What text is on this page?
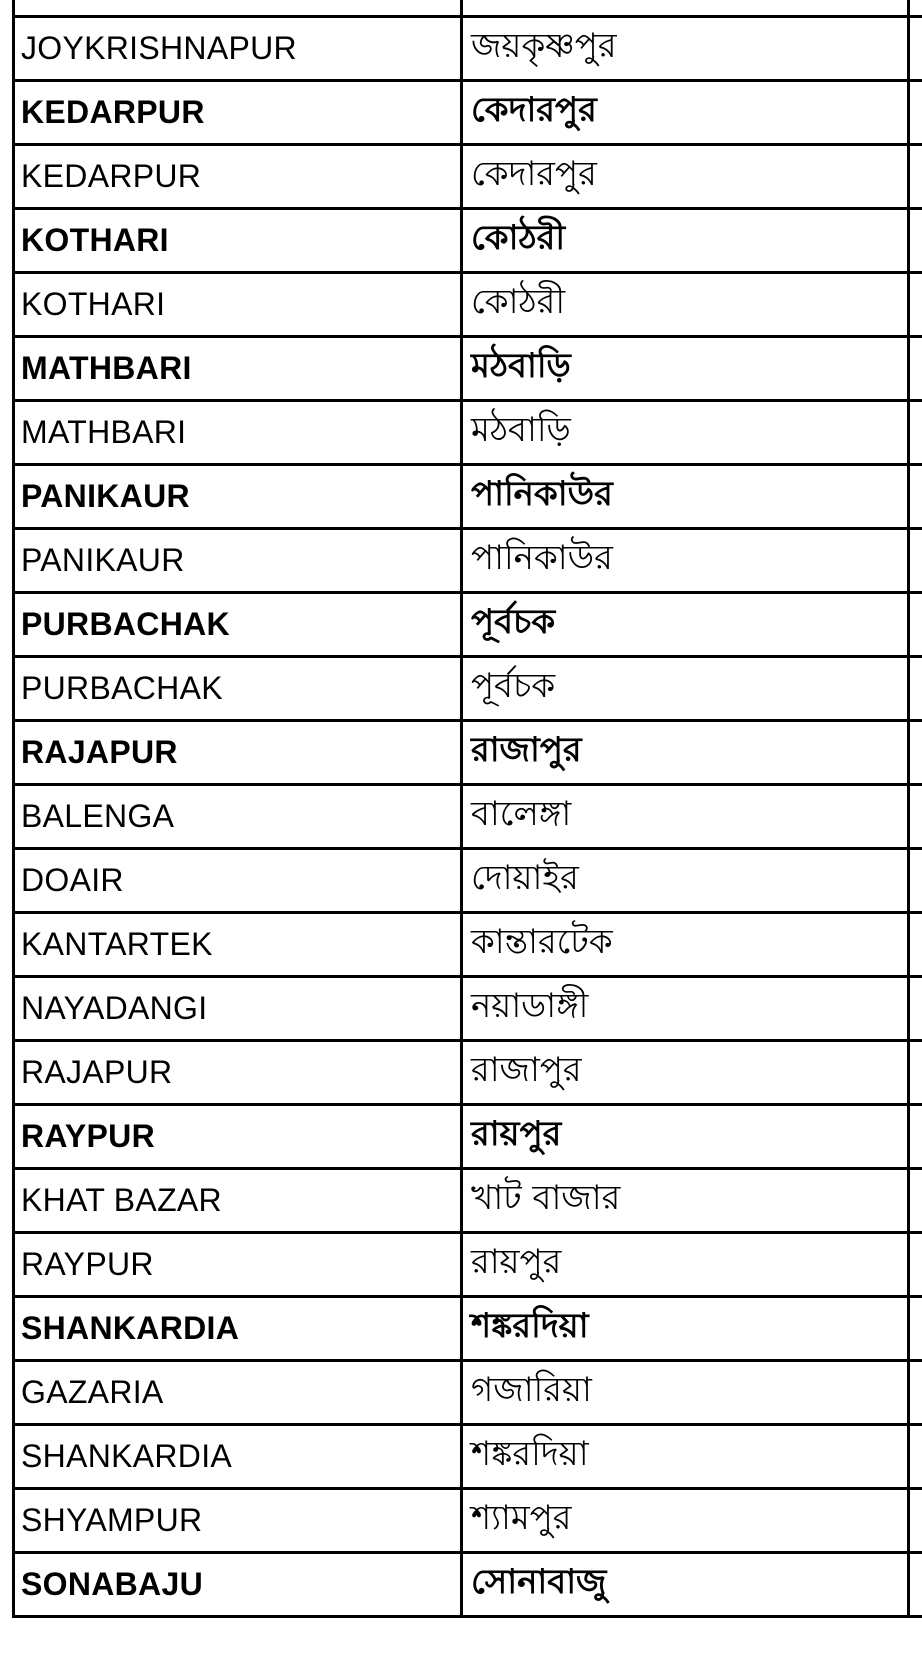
JOYKRISHNAPUR	জয়কৃষ্ণপুর	
KEDARPUR	কেদারপুর	
KEDARPUR	কেদারপুর	
KOTHARI	কোঠরী	
KOTHARI	কোঠরী	
MATHBARI	মঠবাড়ি	
MATHBARI	মঠবাড়ি	
PANIKAUR	পানিকাউর	
PANIKAUR	পানিকাউর	
PURBACHAK	পূর্বচক	
PURBACHAK	পূর্বচক	
RAJAPUR	রাজাপুর	
BALENGA	বালেঙ্গা	
DOAIR	দোয়াইর	
KANTARTEK	কান্তারটেক	
NAYADANGI	নয়াডাঙ্গী	
RAJAPUR	রাজাপুর	
RAYPUR	রায়পুর	
KHAT BAZAR	খাট বাজার	
RAYPUR	রায়পুর	
SHANKARDIA	শঙ্করদিয়া	
GAZARIA	গজারিয়া	
SHANKARDIA	শঙ্করদিয়া	
SHYAMPUR	শ্যামপুর	
SONABAJU	সোনাবাজু	
